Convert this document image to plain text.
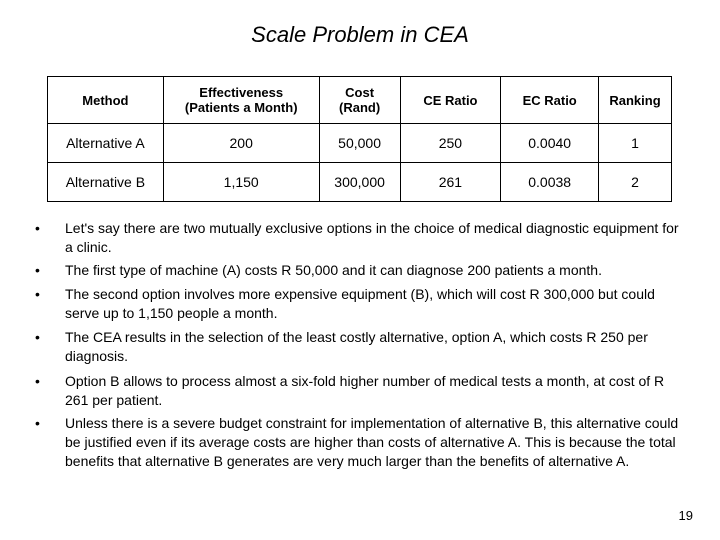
Scale Problem in CEA
Method	Effectiveness (Patients a Month)	Cost (Rand)	CE Ratio	EC Ratio	Ranking
Alternative A	200	50,000	250	0.0040	1
Alternative B	1,150	300,000	261	0.0038	2
• Let's say there are two mutually exclusive options in the choice of medical diagnostic equipment for a clinic.
• The first type of machine (A) costs R 50,000 and it can diagnose 200 patients a month.
• The second option involves more expensive equipment (B), which will cost R 300,000 but could serve up to 1,150 people a month.
• The CEA results in the selection of the least costly alternative, option A, which costs R 250 per diagnosis.
• Option B allows to process almost a six-fold higher number of medical tests a month, at cost of R 261 per patient.
• Unless there is a severe budget constraint for implementation of alternative B, this alternative could be justified even if its average costs are higher than costs of alternative A. This is because the total benefits that alternative B generates are very much larger than the benefits of alternative A.
19
